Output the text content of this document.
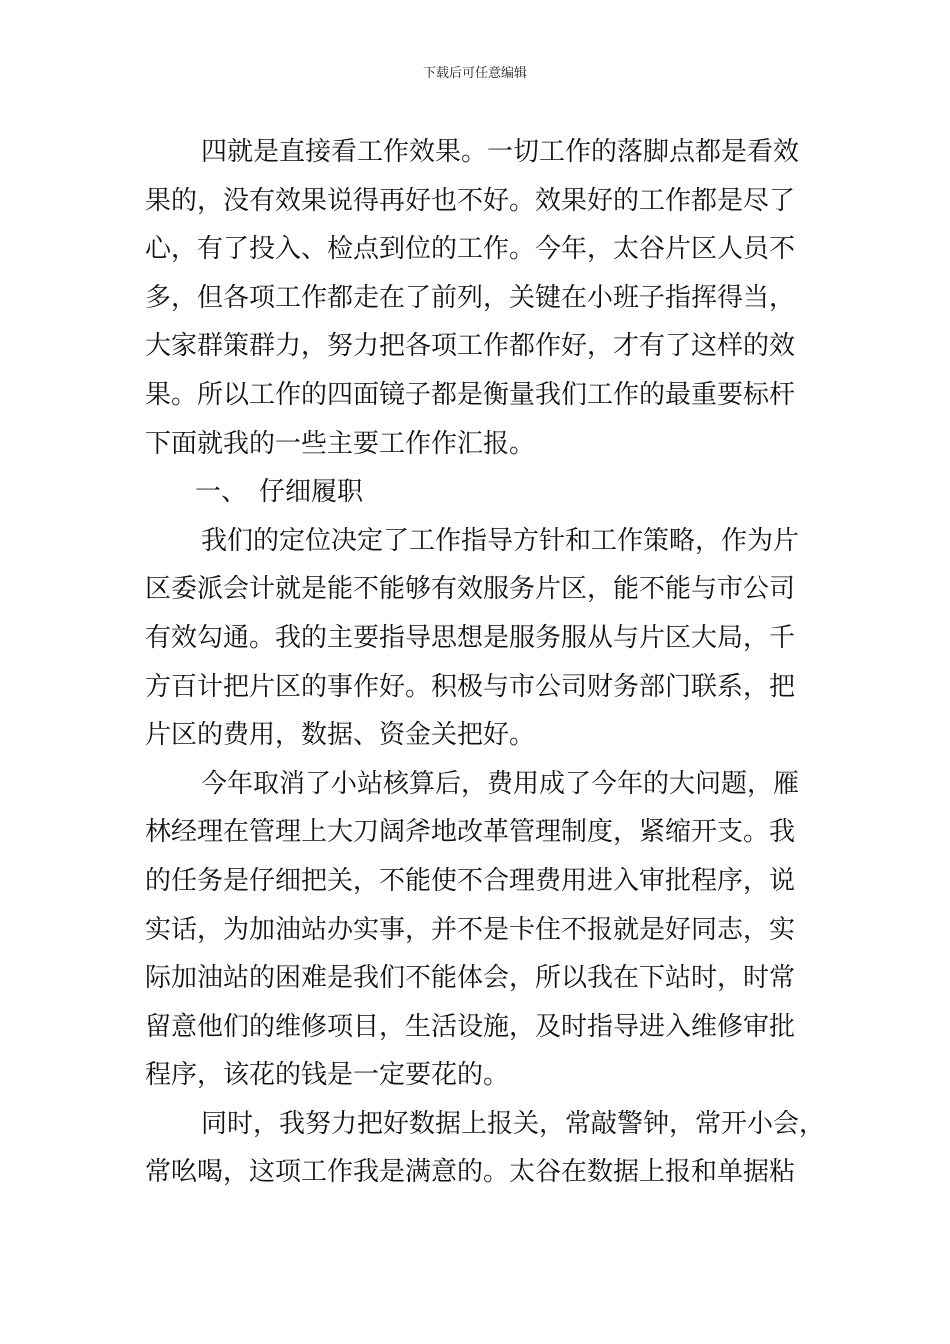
下载后可任意编辑
四就是直接看工作效果。一切工作的落脚点都是看效
果的，没有效果说得再好也不好。效果好的工作都是尽了
心，有了投入、检点到位的工作。今年，太谷片区人员不
多，但各项工作都走在了前列，关键在小班子指挥得当，
大家群策群力，努力把各项工作都作好，才有了这样的效
果。所以工作的四面镜子都是衡量我们工作的最重要标杆
下面就我的一些主要工作作汇报。
一、 仔细履职
我们的定位决定了工作指导方针和工作策略，作为片
区委派会计就是能不能够有效服务片区，能不能与市公司
有效勾通。我的主要指导思想是服务服从与片区大局，千
方百计把片区的事作好。积极与市公司财务部门联系，把
片区的费用，数据、资金关把好。
今年取消了小站核算后，费用成了今年的大问题，雁
林经理在管理上大刀阔斧地改革管理制度，紧缩开支。我
的任务是仔细把关，不能使不合理费用进入审批程序，说
实话，为加油站办实事，并不是卡住不报就是好同志，实
际加油站的困难是我们不能体会，所以我在下站时，时常
留意他们的维修项目，生活设施，及时指导进入维修审批
程序，该花的钱是一定要花的。
同时，我努力把好数据上报关，常敲警钟，常开小会，
常吆喝，这项工作我是满意的。太谷在数据上报和单据粘
